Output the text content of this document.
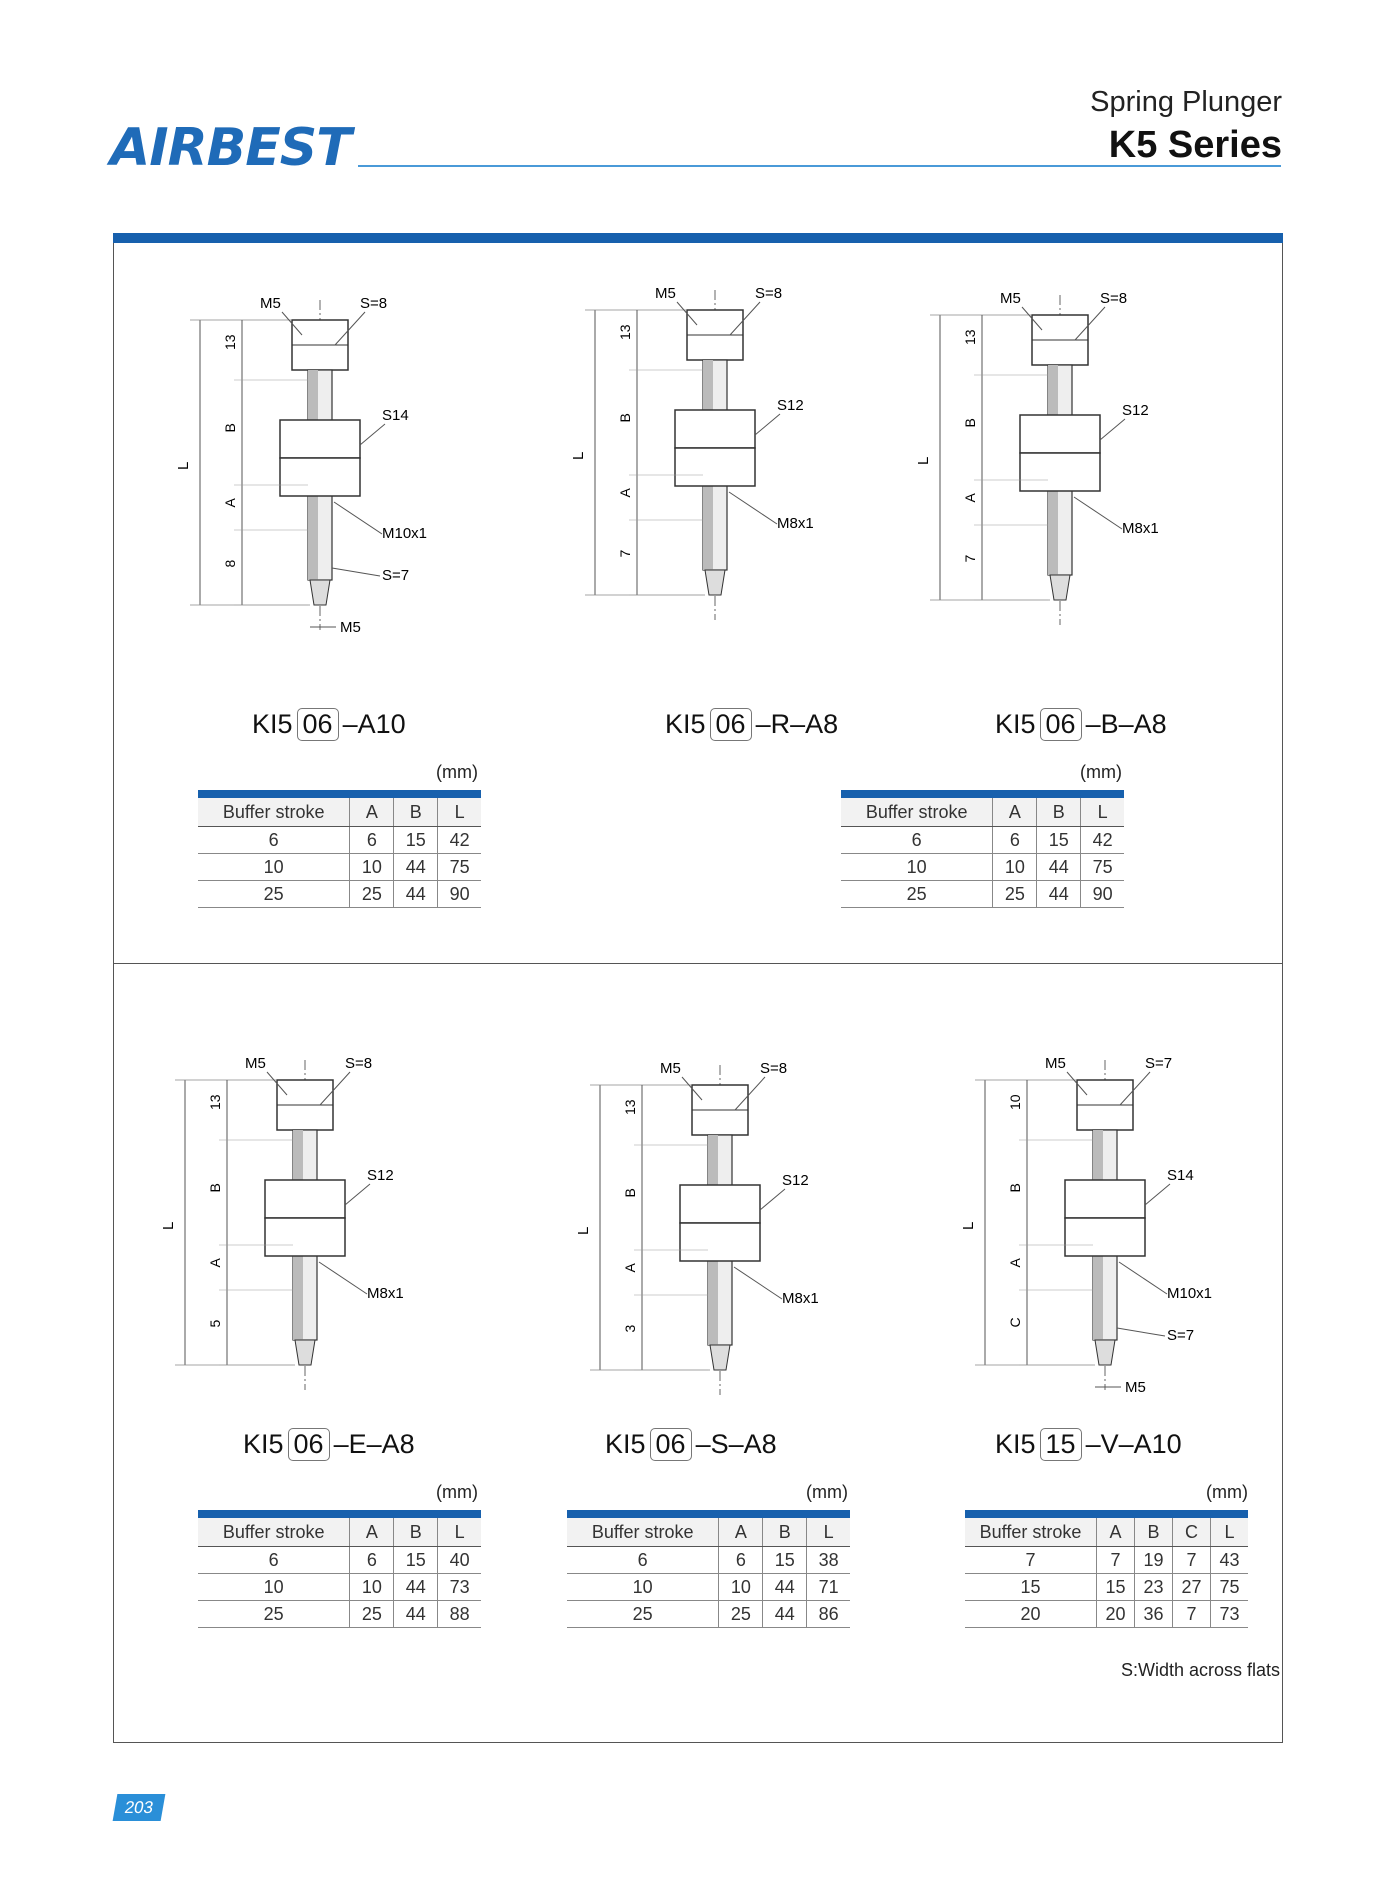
AIRBEST
Spring Plunger
K5 Series
L
13
B
A
8
M5	S=8
S14
M10x1
S=7
M5
L
13
B
A
7
M5	S=8
S12
M8x1
L
13
B
A
7
M5	S=8
S12
M8x1
L
13
B
A
5
M5	S=8
S12
M8x1
L
13
B
A
3
M5	S=8
S12
M8x1
L
10
B
A
C
M5	S=7
S14
M10x1
S=7
M5
KI5 06 –A10	KI5 06 –R–A8	KI5 06 –B–A8
KI5 06 –E–A8	KI5 06 –S–A8	KI5 15 –V–A10
(mm)	(mm)
(mm)	(mm)	(mm)

Buffer stroke	A	B	L
6	6	15	42
10	10	44	75
25	25	44	90

Buffer stroke	A	B	L
6	6	15	42
10	10	44	75
25	25	44	90

Buffer stroke	A	B	L
6	6	15	40
10	10	44	73
25	25	44	88

Buffer stroke	A	B	L
6	6	15	38
10	10	44	71
25	25	44	86

Buffer stroke	A	B	C	L
7	7	19	7	43
15	15	23	27	75
20	20	36	7	73
S:Width across flats
203
